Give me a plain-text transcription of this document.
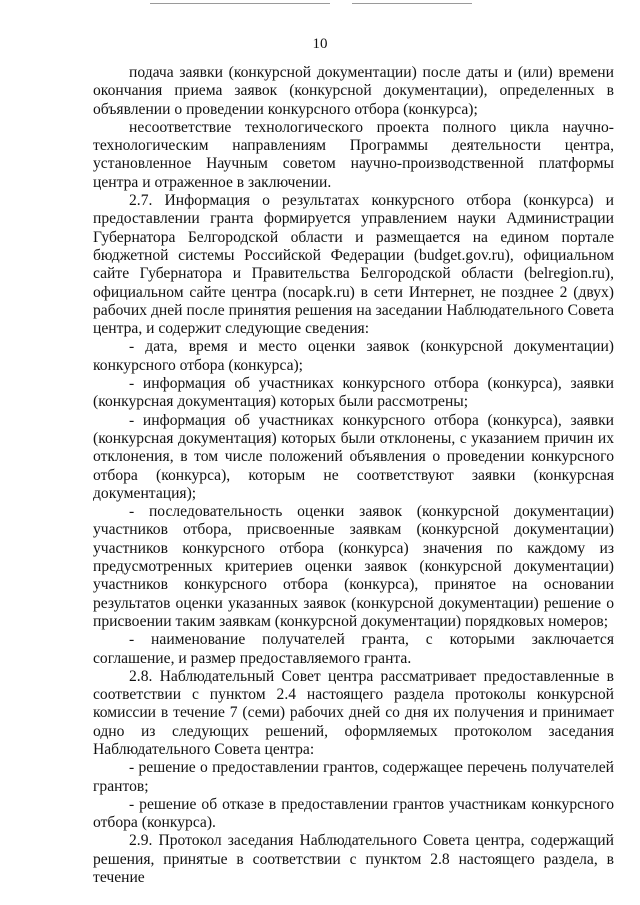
10

подача заявки (конкурсной документации) после даты и (или) времени окончания приема заявок (конкурсной документации), определенных в объявлении о проведении конкурсного отбора (конкурса);

несоответствие технологического проекта полного цикла научно-технологическим направлениям Программы деятельности центра, установленное Научным советом научно-производственной платформы центра и отраженное в заключении.

2.7. Информация о результатах конкурсного отбора (конкурса) и предоставлении гранта формируется управлением науки Администрации Губернатора Белгородской области и размещается на едином портале бюджетной системы Российской Федерации (budget.gov.ru), официальном сайте Губернатора и Правительства Белгородской области (belregion.ru), официальном сайте центра (nocapk.ru) в сети Интернет, не позднее 2 (двух) рабочих дней после принятия решения на заседании Наблюдательного Совета центра, и содержит следующие сведения:

- дата, время и место оценки заявок (конкурсной документации) конкурсного отбора (конкурса);

- информация об участниках конкурсного отбора (конкурса), заявки (конкурсная документация) которых были рассмотрены;

- информация об участниках конкурсного отбора (конкурса), заявки (конкурсная документация) которых были отклонены, с указанием причин их отклонения, в том числе положений объявления о проведении конкурсного отбора (конкурса), которым не соответствуют заявки (конкурсная документация);

- последовательность оценки заявок (конкурсной документации) участников отбора, присвоенные заявкам (конкурсной документации) участников конкурсного отбора (конкурса) значения по каждому из предусмотренных критериев оценки заявок (конкурсной документации) участников конкурсного отбора (конкурса), принятое на основании результатов оценки указанных заявок (конкурсной документации) решение о присвоении таким заявкам (конкурсной документации) порядковых номеров;

- наименование получателей гранта, с которыми заключается соглашение, и размер предоставляемого гранта.

2.8. Наблюдательный Совет центра рассматривает предоставленные в соответствии с пунктом 2.4 настоящего раздела протоколы конкурсной комиссии в течение 7 (семи) рабочих дней со дня их получения и принимает одно из следующих решений, оформляемых протоколом заседания Наблюдательного Совета центра:

- решение о предоставлении грантов, содержащее перечень получателей грантов;

- решение об отказе в предоставлении грантов участникам конкурсного отбора (конкурса).

2.9. Протокол заседания Наблюдательного Совета центра, содержащий решения, принятые в соответствии с пунктом 2.8 настоящего раздела, в течение
